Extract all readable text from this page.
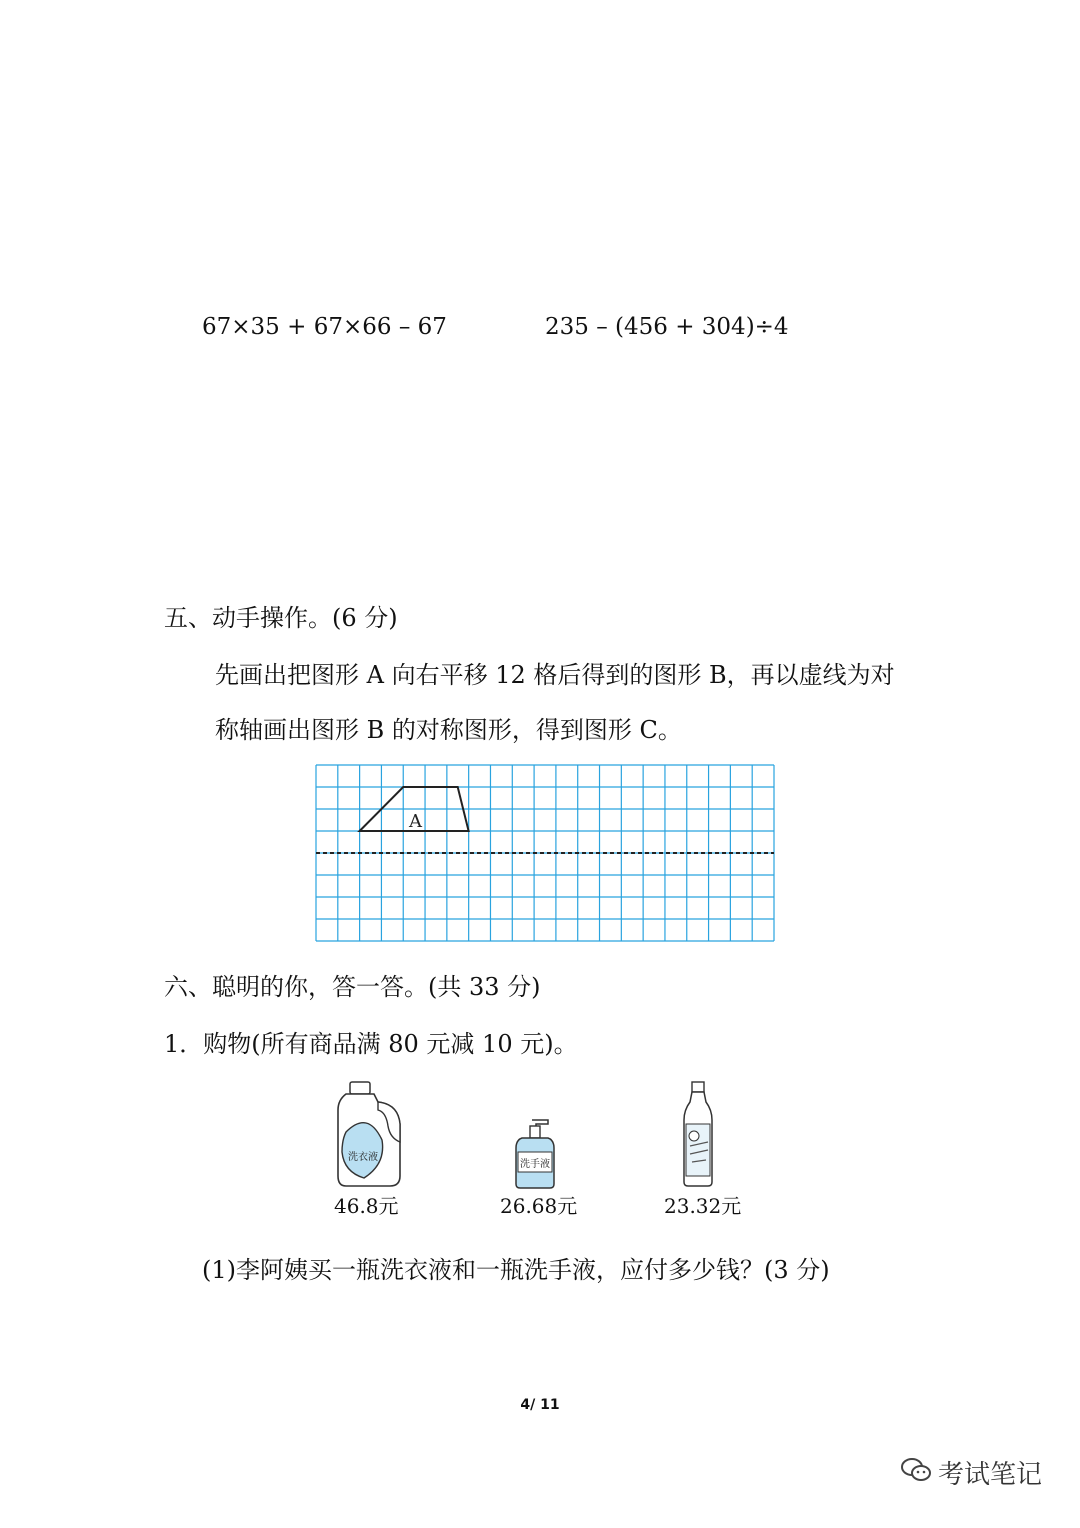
67×35 + 67×66 – 67	235 – (456 + 304)÷4
五、动手操作。(6 分)
先画出把图形 A 向右平移 12 格后得到的图形 B，再以虚线为对
称轴画出图形 B 的对称图形，得到图形 C。
A
六、聪明的你，答一答。(共 33 分)
1．购物(所有商品满 80 元减 10 元)。
洗衣液
46.8元
洗手液
26.68元	23.32元
(1)李阿姨买一瓶洗衣液和一瓶洗手液，应付多少钱？(3 分)
4/ 11
考试笔记
